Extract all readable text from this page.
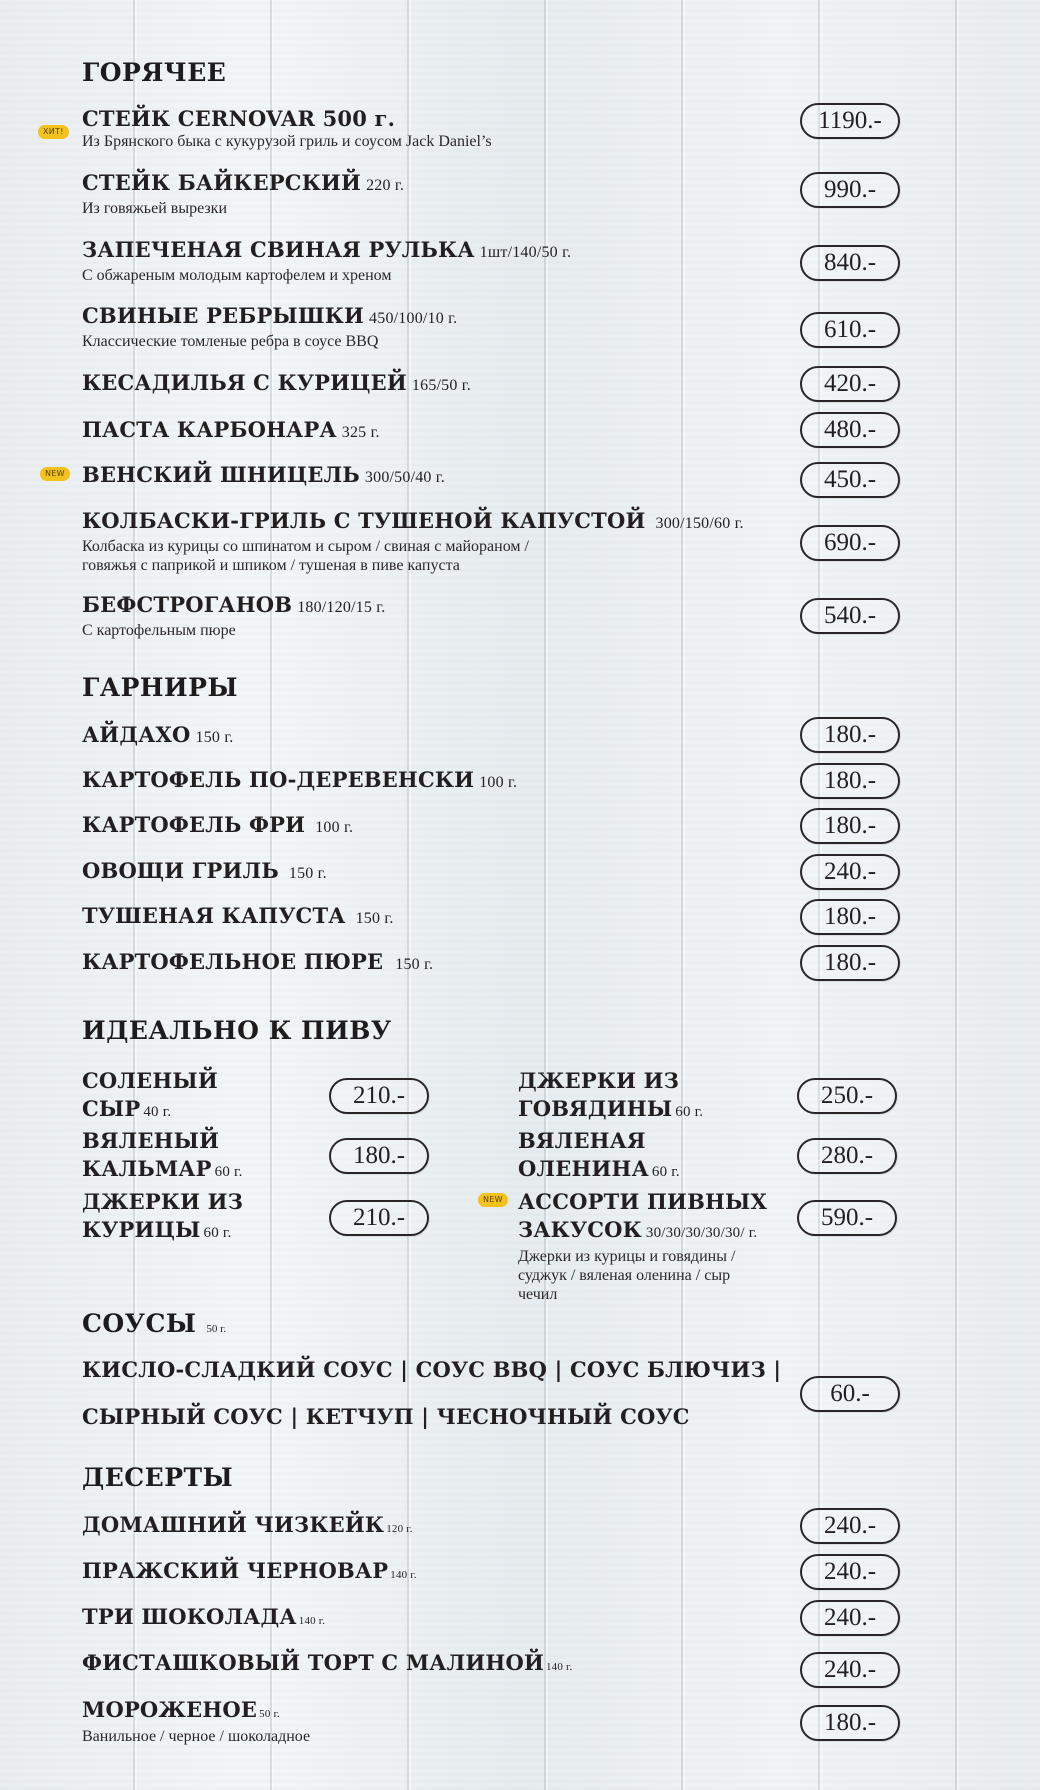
ГОРЯЧЕЕ
ХИТ!
СТЕЙК CERNOVAR 500 г.
Из Брянского быка с кукурузой гриль и соусом Jack Daniel’s
1190.-
СТЕЙК БАЙКЕРСКИЙ 220 г.
Из говяжьей вырезки
990.-
ЗАПЕЧЕНАЯ СВИНАЯ РУЛЬКА 1шт/140/50 г.
С обжареным молодым картофелем и хреном	840.-
СВИНЫЕ РЕБРЫШКИ 450/100/10 г.
Классические томленые ребра в соусе BBQ	610.-
КЕСАДИЛЬЯ С КУРИЦЕЙ 165/50 г.	420.-
ПАСТА КАРБОНАРА 325 г.	480.-
NEW ВЕНСКИЙ ШНИЦЕЛЬ 300/50/40 г.	450.-
КОЛБАСКИ-ГРИЛЬ С ТУШЕНОЙ КАПУСТОЙ 300/150/60 г.
Колбаска из курицы со шпинатом и сыром / свиная с майораном /
говяжья с паприкой и шпиком / тушеная в пиве капуста
690.-
БЕФСТРОГАНОВ 180/120/15 г.
С картофельным пюре
540.-
ГАРНИРЫ
АЙДАХО 150 г.	180.-
КАРТОФЕЛЬ ПО-ДЕРЕВЕНСКИ 100 г.	180.-
КАРТОФЕЛЬ ФРИ 100 г.	180.-
ОВОЩИ ГРИЛЬ 150 г.	240.-
ТУШЕНАЯ КАПУСТА 150 г.	180.-
КАРТОФЕЛЬНОЕ ПЮРЕ 150 г.	180.-
ИДЕАЛЬНО К ПИВУ
СОЛЕНЫЙ
СЫР 40 г.
210.-
ВЯЛЕНЫЙ
КАЛЬМАР 60 г.
180.-
ДЖЕРКИ ИЗ
КУРИЦЫ 60 г.
210.-
ДЖЕРКИ ИЗ
ГОВЯДИНЫ 60 г.
250.-
ВЯЛЕНАЯ
ОЛЕНИНА 60 г.
280.-
NEW АССОРТИ ПИВНЫХ
ЗАКУСОК 30/30/30/30/30/ г.
Джерки из курицы и говядины /
суджук / вяленая оленина / сыр
чечил
590.-
СОУСЫ 50 г.
КИСЛО-СЛАДКИЙ СОУС | СОУС BBQ | СОУС БЛЮЧИЗ |
СЫРНЫЙ СОУС | КЕТЧУП | ЧЕСНОЧНЫЙ СОУС
60.-
ДЕСЕРТЫ
ДОМАШНИЙ ЧИЗКЕЙК 120 г.	240.-
ПРАЖСКИЙ ЧЕРНОВАР 140 г.	240.-
ТРИ ШОКОЛАДА 140 г.	240.-
ФИСТАШКОВЫЙ ТОРТ С МАЛИНОЙ 140 г.	240.-
МОРОЖЕНОЕ 50 г.
Ванильное / черное / шоколадное
180.-
